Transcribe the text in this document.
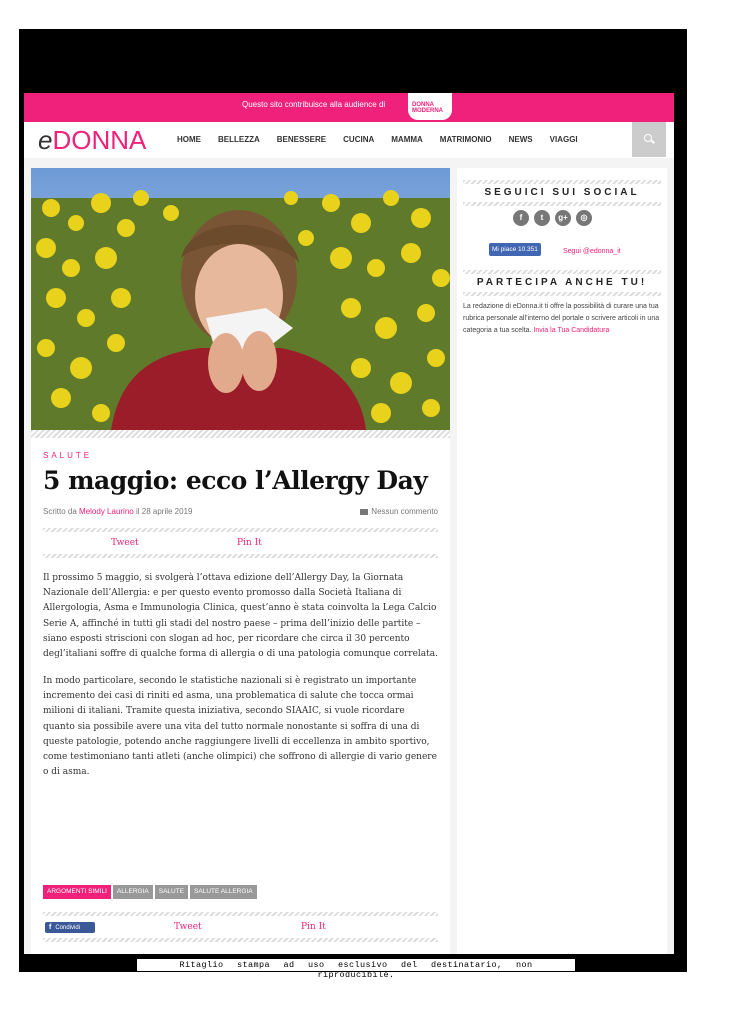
Questo sito contribuisce alla audience di	DONNA MODERNA
eDONNA	HOME BELLEZZA BENESSERE CUCINA MAMMA MATRIMONIO NEWS VIAGGI
SALUTE
5 maggio: ecco l’Allergy Day
Scritto da Melody Laurino il 28 aprile 2019	Nessun commento
Tweet	Pin It

Il prossimo 5 maggio, si svolgerà l’ottava edizione dell’Allergy Day, la Giornata Nazionale dell’Allergia: e per questo evento promosso dalla Società Italiana di Allergologia, Asma e Immunologia Clinica, quest’anno è stata coinvolta la Lega Calcio Serie A, affinché in tutti gli stadi del nostro paese – prima dell’inizio delle partite – siano esposti striscioni con slogan ad hoc, per ricordare che circa il 30 percento degl’italiani soffre di qualche forma di allergia o di una patologia comunque correlata.

In modo particolare, secondo le statistiche nazionali si è registrato un importante incremento dei casi di riniti ed asma, una problematica di salute che tocca ormai milioni di italiani. Tramite questa iniziativa, secondo SIAAIC, si vuole ricordare quanto sia possibile avere una vita del tutto normale nonostante si soffra di una di queste patologie, potendo anche raggiungere livelli di eccellenza in ambito sportivo, come testimoniano tanti atleti (anche olimpici) che soffrono di allergie di vario genere o di asma.

ARGOMENTI SIMILI	ALLERGIA	SALUTE	SALUTE ALLERGIA
f Condividi	Tweet	Pin It
SEGUICI SUI SOCIAL
f	t	g+	◎
Mi piace 10.351	Segui @edonna_it
PARTECIPA ANCHE TU!

La redazione di eDonna.it ti offre la possibilità di curare una tua rubrica personale all’interno del portale o scrivere articoli in una categoria a tua scelta. Invia la Tua Candidatura

Ritaglio stampa ad uso esclusivo del destinatario, non riproducibile.
